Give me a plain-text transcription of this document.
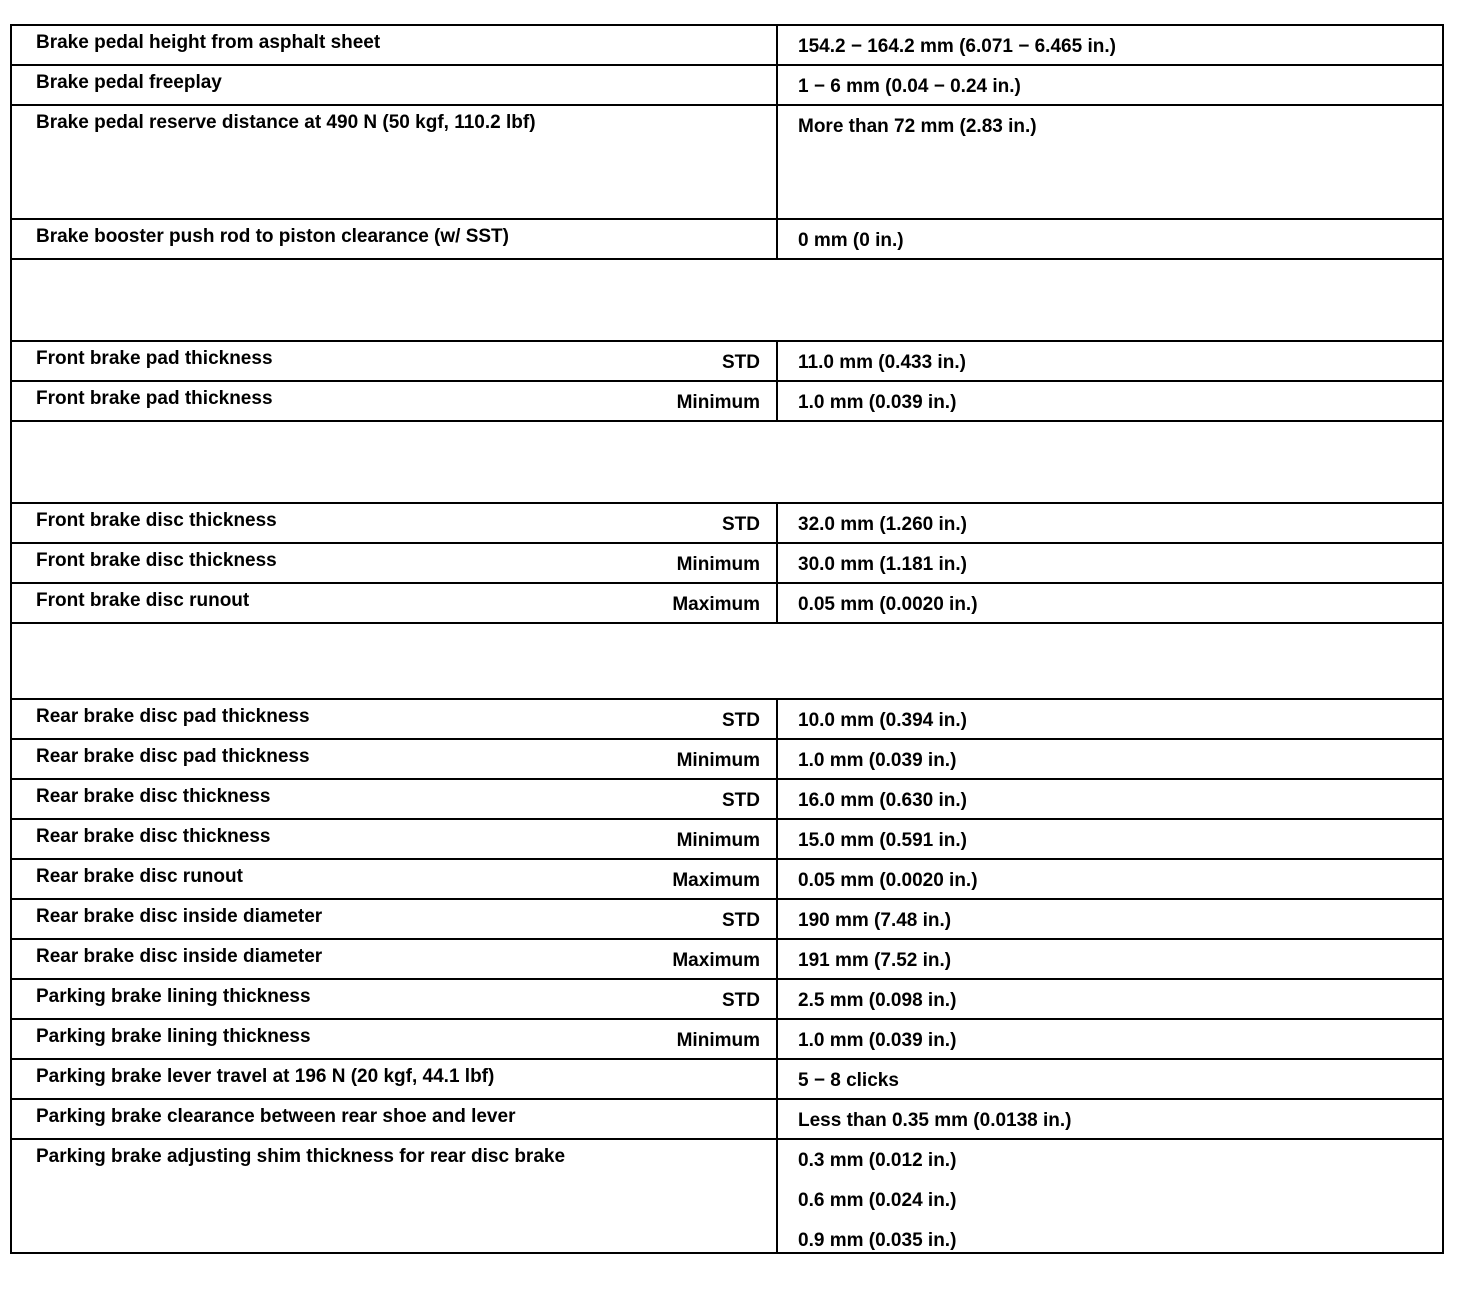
Brake pedal height from asphalt sheet	154.2 − 164.2 mm (6.071 − 6.465 in.)

Brake pedal freeplay	1 − 6 mm (0.04 − 0.24 in.)

Brake pedal reserve distance at 490 N (50 kgf, 110.2 lbf)	More than 72 mm (2.83 in.)

Brake booster push rod to piston clearance (w/ SST)	0 mm (0 in.)

Front brake pad thickness STD	11.0 mm (0.433 in.)

Front brake pad thickness Minimum	1.0 mm (0.039 in.)

Front brake disc thickness STD	32.0 mm (1.260 in.)

Front brake disc thickness Minimum	30.0 mm (1.181 in.)

Front brake disc runout Maximum	0.05 mm (0.0020 in.)

Rear brake disc pad thickness STD	10.0 mm (0.394 in.)

Rear brake disc pad thickness Minimum	1.0 mm (0.039 in.)

Rear brake disc thickness STD	16.0 mm (0.630 in.)

Rear brake disc thickness Minimum	15.0 mm (0.591 in.)

Rear brake disc runout Maximum	0.05 mm (0.0020 in.)

Rear brake disc inside diameter STD	190 mm (7.48 in.)

Rear brake disc inside diameter Maximum	191 mm (7.52 in.)

Parking brake lining thickness STD	2.5 mm (0.098 in.)

Parking brake lining thickness Minimum	1.0 mm (0.039 in.)

Parking brake lever travel at 196 N (20 kgf, 44.1 lbf)	5 − 8 clicks

Parking brake clearance between rear shoe and lever	Less than 0.35 mm (0.0138 in.)

Parking brake adjusting shim thickness for rear disc brake	0.3 mm (0.012 in.)
0.6 mm (0.024 in.)
0.9 mm (0.035 in.)
